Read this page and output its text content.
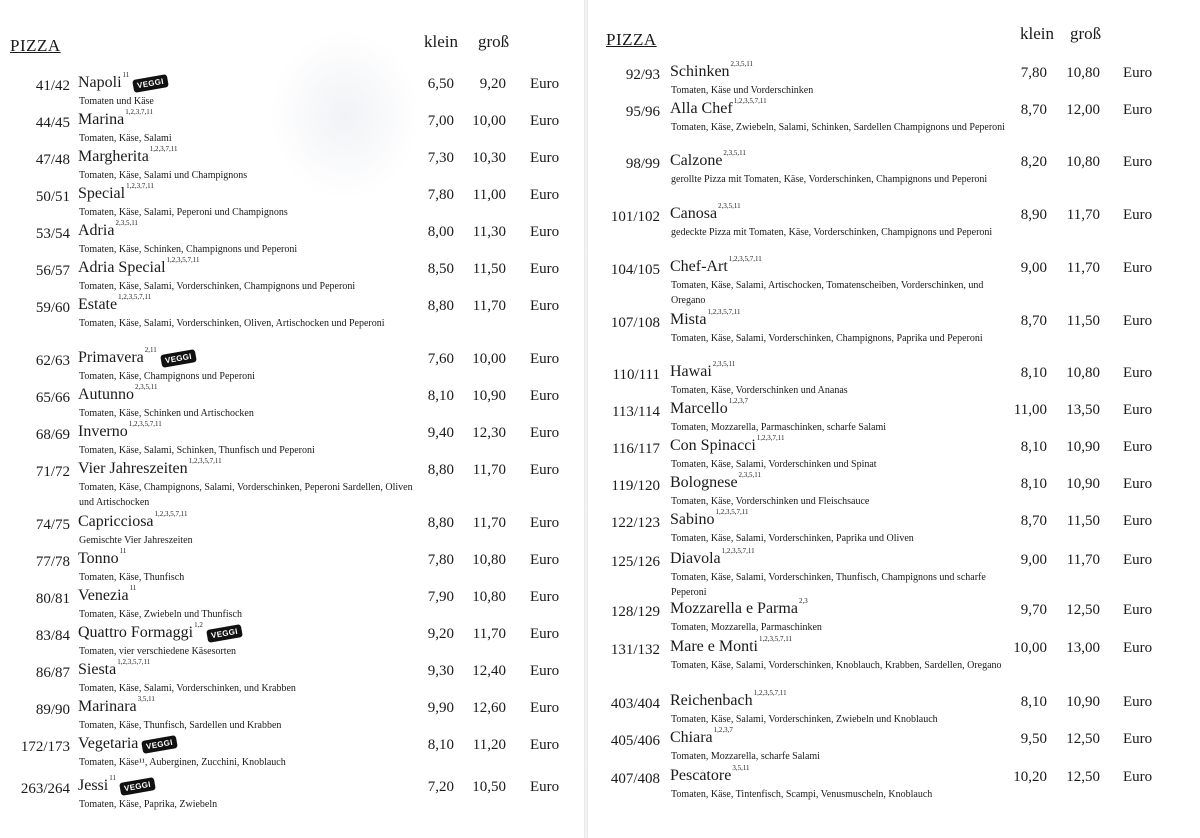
PIZZA	klein groß
41/42 Napoli$^{11}$VEGGI
Tomaten und Käse
6,50	9,20 Euro
44/45 Marina$^{1,2,3,7,11}$
Tomaten, Käse, Salami
7,00	10,00 Euro
47/48 Margherita$^{1,2,3,7,11}$
Tomaten, Käse, Salami und Champignons
7,30	10,30 Euro
50/51 Special$^{1,2,3,7,11}$
Tomaten, Käse, Salami, Peperoni und Champignons
7,80	11,00 Euro
53/54 Adria$^{2,3,5,11}$
Tomaten, Käse, Schinken, Champignons und Peperoni
8,00	11,30 Euro
56/57 Adria Special$^{1,2,3,5,7,11}$
Tomaten, Käse, Salami, Vorderschinken, Champignons und Peperoni
8,50	11,50 Euro
59/60 Estate$^{1,2,3,5,7,11}$
Tomaten, Käse, Salami, Vorderschinken, Oliven, Artischocken und Peperoni
8,80	11,70 Euro
62/63 Primavera$^{2,11}$VEGGI
Tomaten, Käse, Champignons und Peperoni
7,60	10,00 Euro
65/66 Autunno$^{2,3,5,11}$
Tomaten, Käse, Schinken und Artischocken
8,10	10,90 Euro
68/69 Inverno$^{1,2,3,5,7,11}$
Tomaten, Käse, Salami, Schinken, Thunfisch und Peperoni
9,40	12,30 Euro
71/72 Vier Jahreszeiten$^{1,2,3,5,7,11}$
Tomaten, Käse, Champignons, Salami, Vorderschinken, Peperoni Sardellen, Oliven und Artischocken
8,80	11,70 Euro
74/75 Capricciosa$^{1,2,3,5,7,11}$
Gemischte Vier Jahreszeiten
8,80	11,70 Euro
77/78 Tonno$^{11}$
Tomaten, Käse, Thunfisch
7,80	10,80 Euro
80/81 Venezia$^{11}$
Tomaten, Käse, Zwiebeln und Thunfisch
7,90	10,80 Euro
83/84 Quattro Formaggi$^{1,2}$VEGGI
Tomaten, vier verschiedene Käsesorten
9,20	11,70 Euro
86/87 Siesta$^{1,2,3,5,7,11}$
Tomaten, Käse, Salami, Vorderschinken, und Krabben
9,30	12,40 Euro
89/90 Marinara$^{3,5,11}$
Tomaten, Käse, Thunfisch, Sardellen und Krabben
9,90	12,60 Euro
172/173 Vegetaria VEGGI
Tomaten, Käse¹¹, Auberginen, Zucchini, Knoblauch
8,10	11,20 Euro
263/264 Jessi$^{11}$VEGGI
Tomaten, Käse, Paprika, Zwiebeln
7,20	10,50 Euro
PIZZA	klein groß
92/93 Schinken$^{2,3,5,11}$
Tomaten, Käse und Vorderschinken
7,80	10,80 Euro
95/96 Alla Chef$^{1,2,3,5,7,11}$
Tomaten, Käse, Zwiebeln, Salami, Schinken, Sardellen Champignons und Peperoni
8,70	12,00 Euro
98/99 Calzone$^{2,3,5,11}$
gerollte Pizza mit Tomaten, Käse, Vorderschinken, Champignons und Peperoni
8,20	10,80 Euro
101/102 Canosa$^{2,3,5,11}$
gedeckte Pizza mit Tomaten, Käse, Vorderschinken, Champignons und Peperoni
8,90	11,70 Euro
104/105 Chef-Art$^{1,2,3,5,7,11}$
Tomaten, Käse, Salami, Artischocken, Tomatenscheiben, Vorderschinken, und Oregano
9,00	11,70 Euro
107/108 Mista$^{1,2,3,5,7,11}$
Tomaten, Käse, Salami, Vorderschinken, Champignons, Paprika und Peperoni
8,70	11,50 Euro
110/111 Hawai$^{2,3,5,11}$
Tomaten, Käse, Vorderschinken und Ananas
8,10	10,80 Euro
113/114 Marcello$^{1,2,3,7}$
Tomaten, Mozzarella, Parmaschinken, scharfe Salami
11,00	13,50 Euro
116/117 Con Spinacci$^{1,2,3,7,11}$
Tomaten, Käse, Salami, Vorderschinken und Spinat
8,10	10,90 Euro
119/120 Bolognese$^{2,3,5,11}$
Tomaten, Käse, Vorderschinken und Fleischsauce
8,10	10,90 Euro
122/123 Sabino$^{1,2,3,5,7,11}$
Tomaten, Käse, Salami, Vorderschinken, Paprika und Oliven
8,70	11,50 Euro
125/126 Diavola$^{1,2,3,5,7,11}$
Tomaten, Käse, Salami, Vorderschinken, Thunfisch, Champignons und scharfe Peperoni
9,00	11,70 Euro
128/129 Mozzarella e Parma$^{2,3}$
Tomaten, Mozzarella, Parmaschinken
9,70	12,50 Euro
131/132 Mare e Monti$^{1,2,3,5,7,11}$
Tomaten, Käse, Salami, Vorderschinken, Knoblauch, Krabben, Sardellen, Oregano
10,00	13,00 Euro
403/404 Reichenbach$^{1,2,3,5,7,11}$
Tomaten, Käse, Salami, Vorderschinken, Zwiebeln und Knoblauch
8,10	10,90 Euro
405/406 Chiara$^{1,2,3,7}$
Tomaten, Mozzarella, scharfe Salami
9,50	12,50 Euro
407/408 Pescatore$^{3,5,11}$
Tomaten, Käse, Tintenfisch, Scampi, Venusmuscheln, Knoblauch
10,20	12,50 Euro
